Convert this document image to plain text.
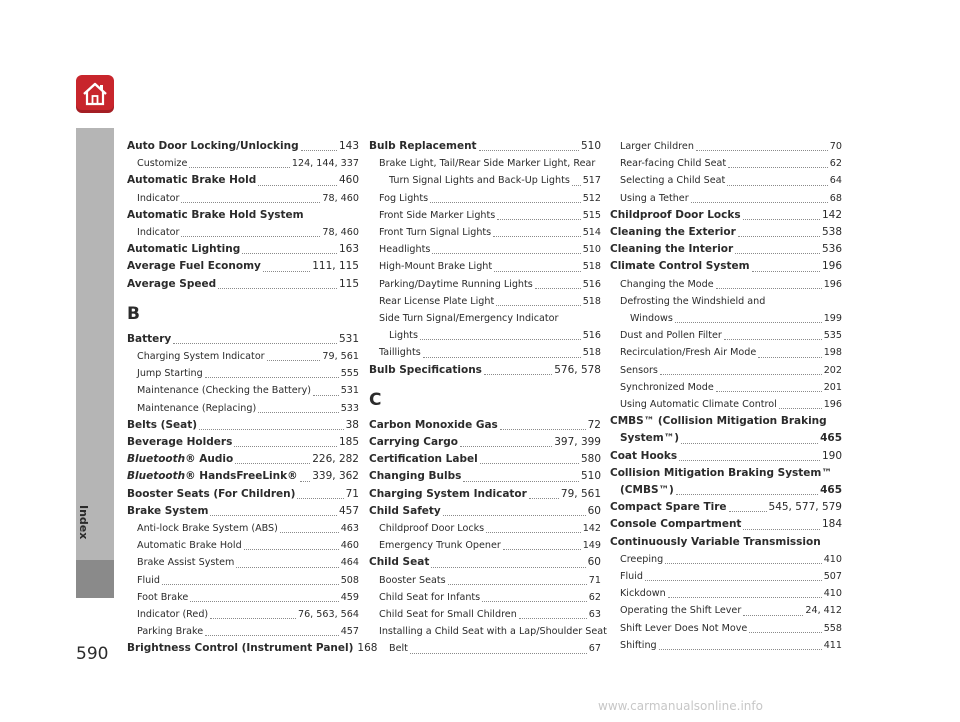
Index
Auto Door Locking/Unlocking	143
Customize	124, 144, 337
Automatic Brake Hold	460
Indicator	78, 460
Automatic Brake Hold System
Indicator	78, 460
Automatic Lighting	163
Average Fuel Economy	111, 115
Average Speed	115
B
Battery	531
Charging System Indicator	79, 561
Jump Starting	555
Maintenance (Checking the Battery)	531
Maintenance (Replacing)	533
Belts (Seat)	38
Beverage Holders	185
Bluetooth® Audio	226, 282
Bluetooth® HandsFreeLink® 339, 362
Booster Seats (For Children)	71
Brake System	457
Anti-lock Brake System (ABS)	463
Automatic Brake Hold	460
Brake Assist System	464
Fluid	508
Foot Brake	459
Indicator (Red)	76, 563, 564
Parking Brake	457
Brightness Control (Instrument Panel) 168
Bulb Replacement	510
Brake Light, Tail/Rear Side Marker Light, Rear
Turn Signal Lights and Back-Up Lights 517
Fog Lights	512
Front Side Marker Lights	515
Front Turn Signal Lights	514
Headlights	510
High-Mount Brake Light	518
Parking/Daytime Running Lights	516
Rear License Plate Light	518
Side Turn Signal/Emergency Indicator
Lights	516
Taillights	518
Bulb Specifications	576, 578
C
Carbon Monoxide Gas	72
Carrying Cargo	397, 399
Certification Label	580
Changing Bulbs	510
Charging System Indicator	79, 561
Child Safety	60
Childproof Door Locks	142
Emergency Trunk Opener	149
Child Seat	60
Booster Seats	71
Child Seat for Infants	62
Child Seat for Small Children	63
Installing a Child Seat with a Lap/Shoulder Seat
Belt	67
Larger Children	70
Rear-facing Child Seat	62
Selecting a Child Seat	64
Using a Tether	68
Childproof Door Locks	142
Cleaning the Exterior	538
Cleaning the Interior	536
Climate Control System	196
Changing the Mode	196
Defrosting the Windshield and
Windows	199
Dust and Pollen Filter	535
Recirculation/Fresh Air Mode	198
Sensors	202
Synchronized Mode	201
Using Automatic Climate Control	196
CMBS™ (Collision Mitigation Braking
System™)	465
Coat Hooks	190
Collision Mitigation Braking System™
(CMBS™)	465
Compact Spare Tire	545, 577, 579
Console Compartment	184
Continuously Variable Transmission
Creeping	410
Fluid	507
Kickdown	410
Operating the Shift Lever	24, 412
Shift Lever Does Not Move	558
Shifting	411
590
www.carmanualsonline.info
